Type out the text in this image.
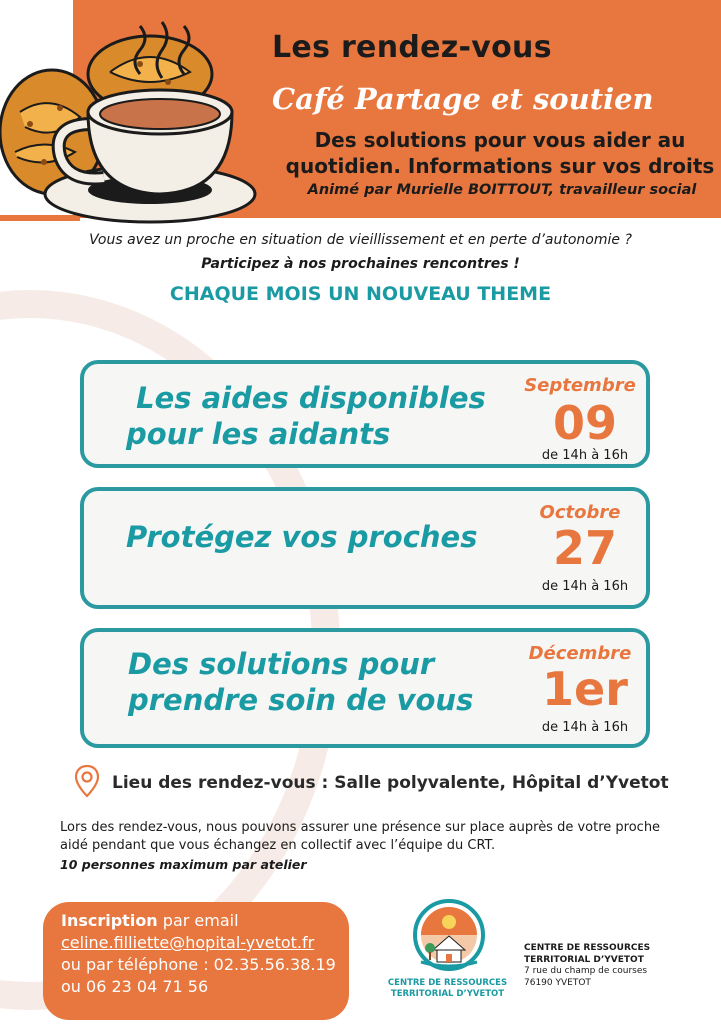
Les rendez-vous
Café Partage et soutien
Des solutions pour vous aider au
quotidien. Informations sur vos droits
Animé par Murielle BOITTOUT, travailleur social
Vous avez un proche en situation de vieillissement et en perte d’autonomie ?
Participez à nos prochaines rencontres !
CHAQUE MOIS UN NOUVEAU THEME
Les aides disponibles
pour les aidants
Septembre
09
de 14h à 16h
Protégez vos proches
Octobre
27
de 14h à 16h
Des solutions pour
prendre soin de vous
Décembre
1er
de 14h à 16h
Lieu des rendez-vous : Salle polyvalente, Hôpital d’Yvetot
Lors des rendez-vous, nous pouvons assurer une présence sur place auprès de votre proche aidé pendant que vous échangez en collectif avec l’équipe du CRT.
10 personnes maximum par atelier
Inscription par email
celine.filliette@hopital-yvetot.fr
ou par téléphone : 02.35.56.38.19
ou 06 23 04 71 56	CENTRE DE RESSOURCES
TERRITORIAL D’YVETOT
CENTRE DE RESSOURCES
TERRITORIAL D’YVETOT
7 rue du champ de courses
76190 YVETOT
